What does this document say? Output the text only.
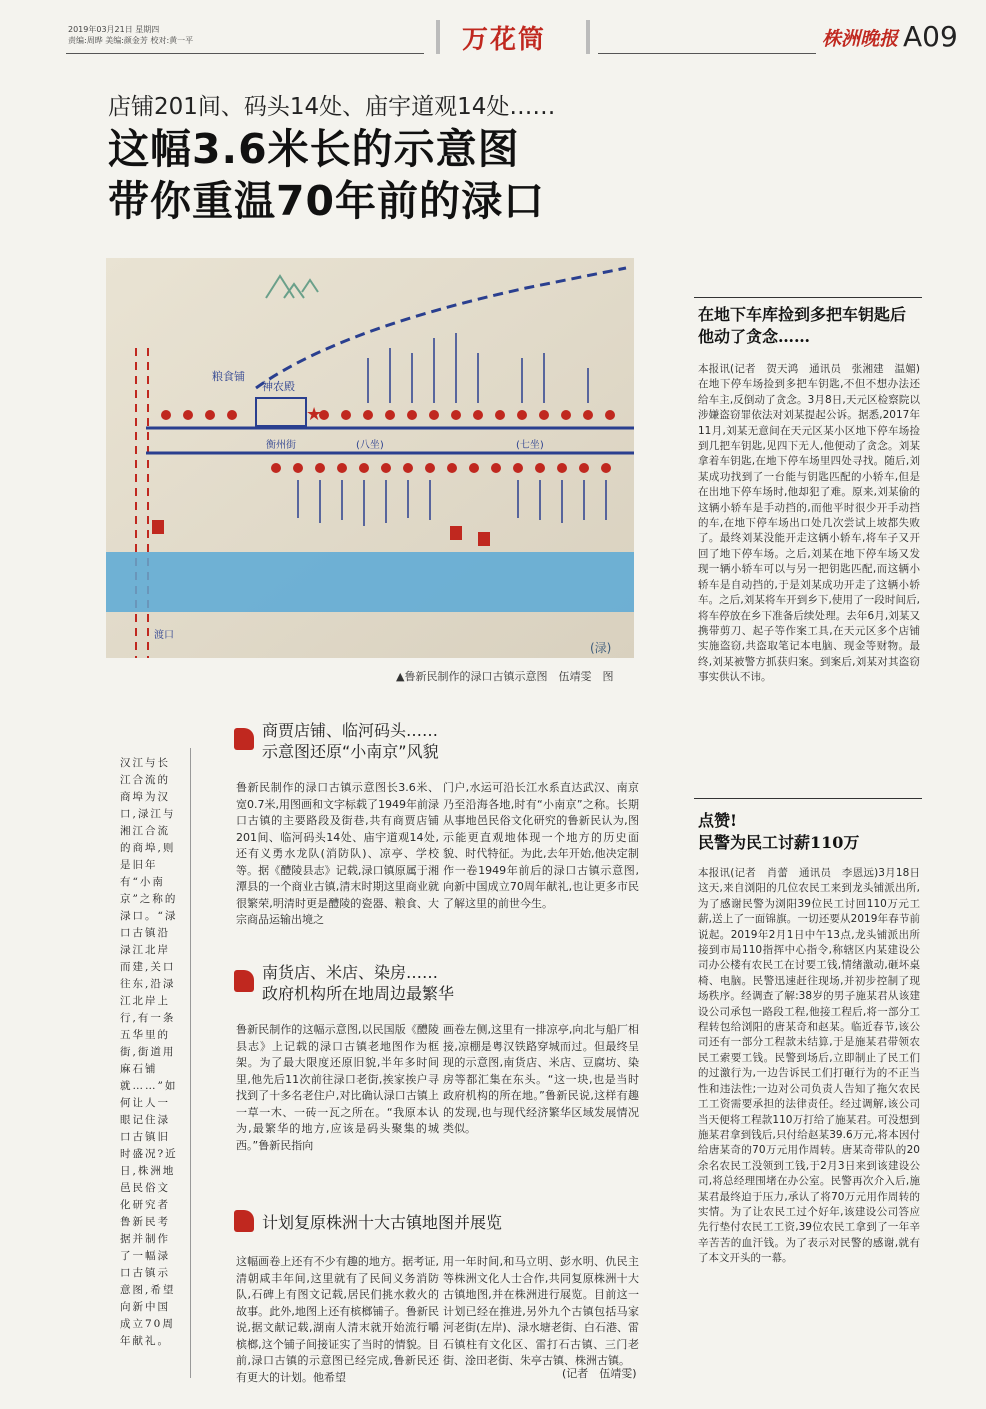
2019年03月21日 星期四
责编:周晔 美编:颜金芳 校对:黄一平	万花筒	株洲晚报 A09
店铺201间、码头14处、庙宇道观14处……
这幅3.6米长的示意图
带你重温70年前的渌口
★
神农殿
粮食铺
衡州街	(七坐)
(八坐)
渡口
(渌)
▲鲁新民制作的渌口古镇示意图　伍靖雯　图
汉江与长江合流的商埠为汉口,渌江与湘江合流的商埠,则是旧年有“小南京”之称的渌口。“渌口古镇沿渌江北岸而建,关口往东,沿渌江北岸上行,有一条五华里的街,街道用麻石铺就……”如何让人一眼记住渌口古镇旧时盛况?近日,株洲地邑民俗文化研究者鲁新民考据并制作了一幅渌口古镇示意图,希望向新中国成立70周年献礼。
商贾店铺、临河码头……
示意图还原“小南京”风貌
鲁新民制作的渌口古镇示意图长3.6米、宽0.7米,用图画和文字标载了1949年前渌口古镇的主要路段及街巷,共有商贾店铺201间、临河码头14处、庙宇道观14处,还有义勇水龙队(消防队)、凉亭、学校等。据《醴陵县志》记载,渌口镇原属于湘潭县的一个商业古镇,清末时期这里商业就很繁荣,明清时更是醴陵的瓷器、粮食、大宗商品运输出境之
门户,水运可沿长江水系直达武汉、南京乃至沿海各地,时有“小南京”之称。长期从事地邑民俗文化研究的鲁新民认为,图示能更直观地体现一个地方的历史面貌、时代特征。为此,去年开始,他决定制作一卷1949年前后的渌口古镇示意图,向新中国成立70周年献礼,也让更多市民了解这里的前世今生。
南货店、米店、染房……
政府机构所在地周边最繁华
鲁新民制作的这幅示意图,以民国版《醴陵县志》上记载的渌口古镇老地图作为框架。为了最大限度还原旧貌,半年多时间里,他先后11次前往渌口老街,挨家挨户寻找到了十多名老住户,对比确认渌口古镇上一草一木、一砖一瓦之所在。“我原本认为,最繁华的地方,应该是码头聚集的城西。”鲁新民指向
画卷左侧,这里有一排凉亭,向北与船厂相接,凉棚是粤汉铁路穿城而过。但最终呈现的示意图,南货店、米店、豆腐坊、染房等都汇集在东头。“这一块,也是当时政府机构的所在地。”鲁新民说,这样有趣的发现,也与现代经济繁华区域发展情况类似。
计划复原株洲十大古镇地图并展览
这幅画卷上还有不少有趣的地方。据考证,清朝咸丰年间,这里就有了民间义务消防队,石碑上有图文记载,居民们挑水救火的故事。此外,地图上还有槟榔铺子。鲁新民说,据文献记载,湖南人清末就开始流行嚼槟榔,这个铺子间接证实了当时的情貌。目前,渌口古镇的示意图已经完成,鲁新民还有更大的计划。他希望
用一年时间,和马立明、彭水明、仇民主等株洲文化人士合作,共同复原株洲十大古镇地图,并在株洲进行展览。目前这一计划已经在推进,另外九个古镇包括马家河老街(左岸)、渌水塘老街、白石港、雷石镇柱有文化区、雷打石古镇、三门老街、淦田老街、朱亭古镇、株洲古镇。
(记者　伍靖雯)
在地下车库捡到多把车钥匙后
他动了贪念……
本报讯(记者　贺天鸿　通讯员　张湘建　温媚)在地下停车场捡到多把车钥匙,不但不想办法还给车主,反倒动了贪念。3月8日,天元区检察院以涉嫌盗窃罪依法对刘某提起公诉。据悉,2017年11月,刘某无意间在天元区某小区地下停车场捡到几把车钥匙,见四下无人,他便动了贪念。刘某拿着车钥匙,在地下停车场里四处寻找。随后,刘某成功找到了一台能与钥匙匹配的小轿车,但是在出地下停车场时,他却犯了难。原来,刘某偷的这辆小轿车是手动挡的,而他平时很少开手动挡的车,在地下停车场出口处几次尝试上坡都失败了。最终刘某没能开走这辆小轿车,将车子又开回了地下停车场。之后,刘某在地下停车场又发现一辆小轿车可以与另一把钥匙匹配,而这辆小轿车是自动挡的,于是刘某成功开走了这辆小轿车。之后,刘某将车开到乡下,使用了一段时间后,将车停放在乡下准备后续处理。去年6月,刘某又携带剪刀、起子等作案工具,在天元区多个店铺实施盗窃,共盗取笔记本电脑、现金等财物。最终,刘某被警方抓获归案。到案后,刘某对其盗窃事实供认不讳。
点赞!
民警为民工讨薪110万
本报讯(记者　肖蕾　通讯员　李恩远)3月18日这天,来自浏阳的几位农民工来到龙头铺派出所,为了感谢民警为浏阳39位民工讨回110万元工薪,送上了一面锦旗。一切还要从2019年春节前说起。2019年2月1日中午13点,龙头铺派出所接到市局110指挥中心指令,称辖区内某建设公司办公楼有农民工在讨要工钱,情绪激动,砸坏桌椅、电脑。民警迅速赶往现场,并初步控制了现场秩序。经调查了解:38岁的男子施某君从该建设公司承包一路段工程,他接工程后,将一部分工程转包给浏阳的唐某奇和赵某。临近春节,该公司还有一部分工程款未结算,于是施某君带领农民工索要工钱。民警到场后,立即制止了民工们的过激行为,一边告诉民工们打砸行为的不正当性和违法性;一边对公司负责人告知了拖欠农民工工资需要承担的法律责任。经过调解,该公司当天便将工程款110万打给了施某君。可没想到施某君拿到钱后,只付给赵某39.6万元,将本因付给唐某奇的70万元用作周转。唐某奇带队的20余名农民工没领到工钱,于2月3日来到该建设公司,将总经理围堵在办公室。民警再次介入后,施某君最终迫于压力,承认了将70万元用作周转的实情。为了让农民工过个好年,该建设公司答应先行垫付农民工工资,39位农民工拿到了一年辛辛苦苦的血汗钱。为了表示对民警的感谢,就有了本文开头的一幕。
